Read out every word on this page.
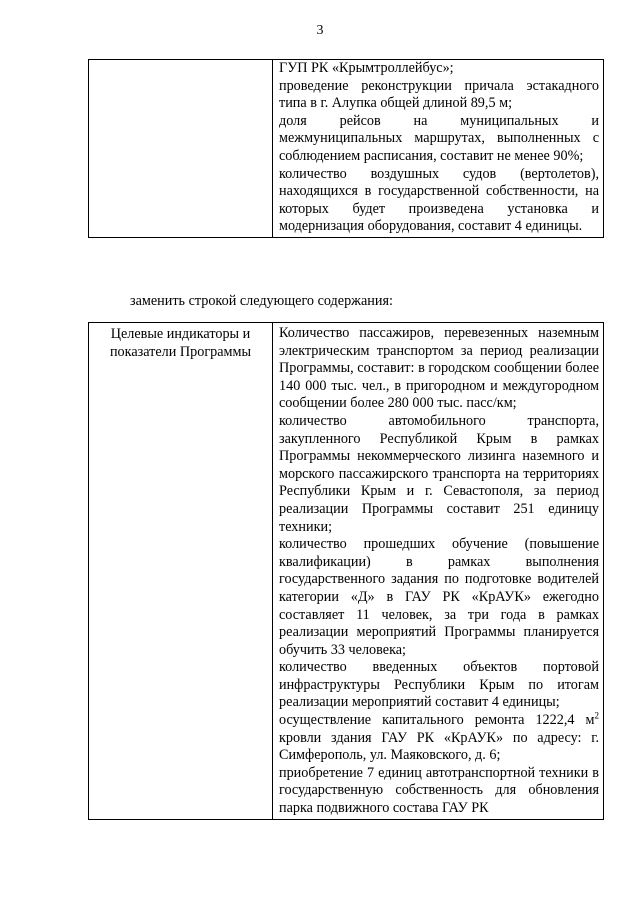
3

ГУП РК «Крымтроллейбус»;

проведение реконструкции причала эстакадного типа в г. Алупка общей длиной 89,5 м;

доля рейсов на муниципальных и межмуниципальных маршрутах, выполненных с соблюдением расписания, составит не менее 90%;

количество воздушных судов (вертолетов), находящихся в государственной собственности, на которых будет произведена установка и модернизация оборудования, составит 4 единицы.

заменить строкой следующего содержания:
Целевые индикаторы и показатели Программы

Количество пассажиров, перевезенных наземным электрическим транспортом за период реализации Программы, составит: в городском сообщении более 140 000 тыс. чел., в пригородном и междугородном сообщении более 280 000 тыс. пасс/км;

количество автомобильного транспорта, закупленного Республикой Крым в рамках Программы некоммерческого лизинга наземного и морского пассажирского транспорта на территориях Республики Крым и г. Севастополя, за период реализации Программы составит 251 единицу техники;

количество прошедших обучение (повышение квалификации) в рамках выполнения государственного задания по подготовке водителей категории «Д» в ГАУ РК «КрАУК» ежегодно составляет 11 человек, за три года в рамках реализации мероприятий Программы планируется обучить 33 человека;

количество введенных объектов портовой инфраструктуры Республики Крым по итогам реализации мероприятий составит 4 единицы;

осуществление капитального ремонта 1222,4 $м^2$ кровли здания ГАУ РК «КрАУК» по адресу: г. Симферополь, ул. Маяковского, д. 6;

приобретение 7 единиц автотранспортной техники в государственную собственность для обновления парка подвижного состава ГАУ РК
